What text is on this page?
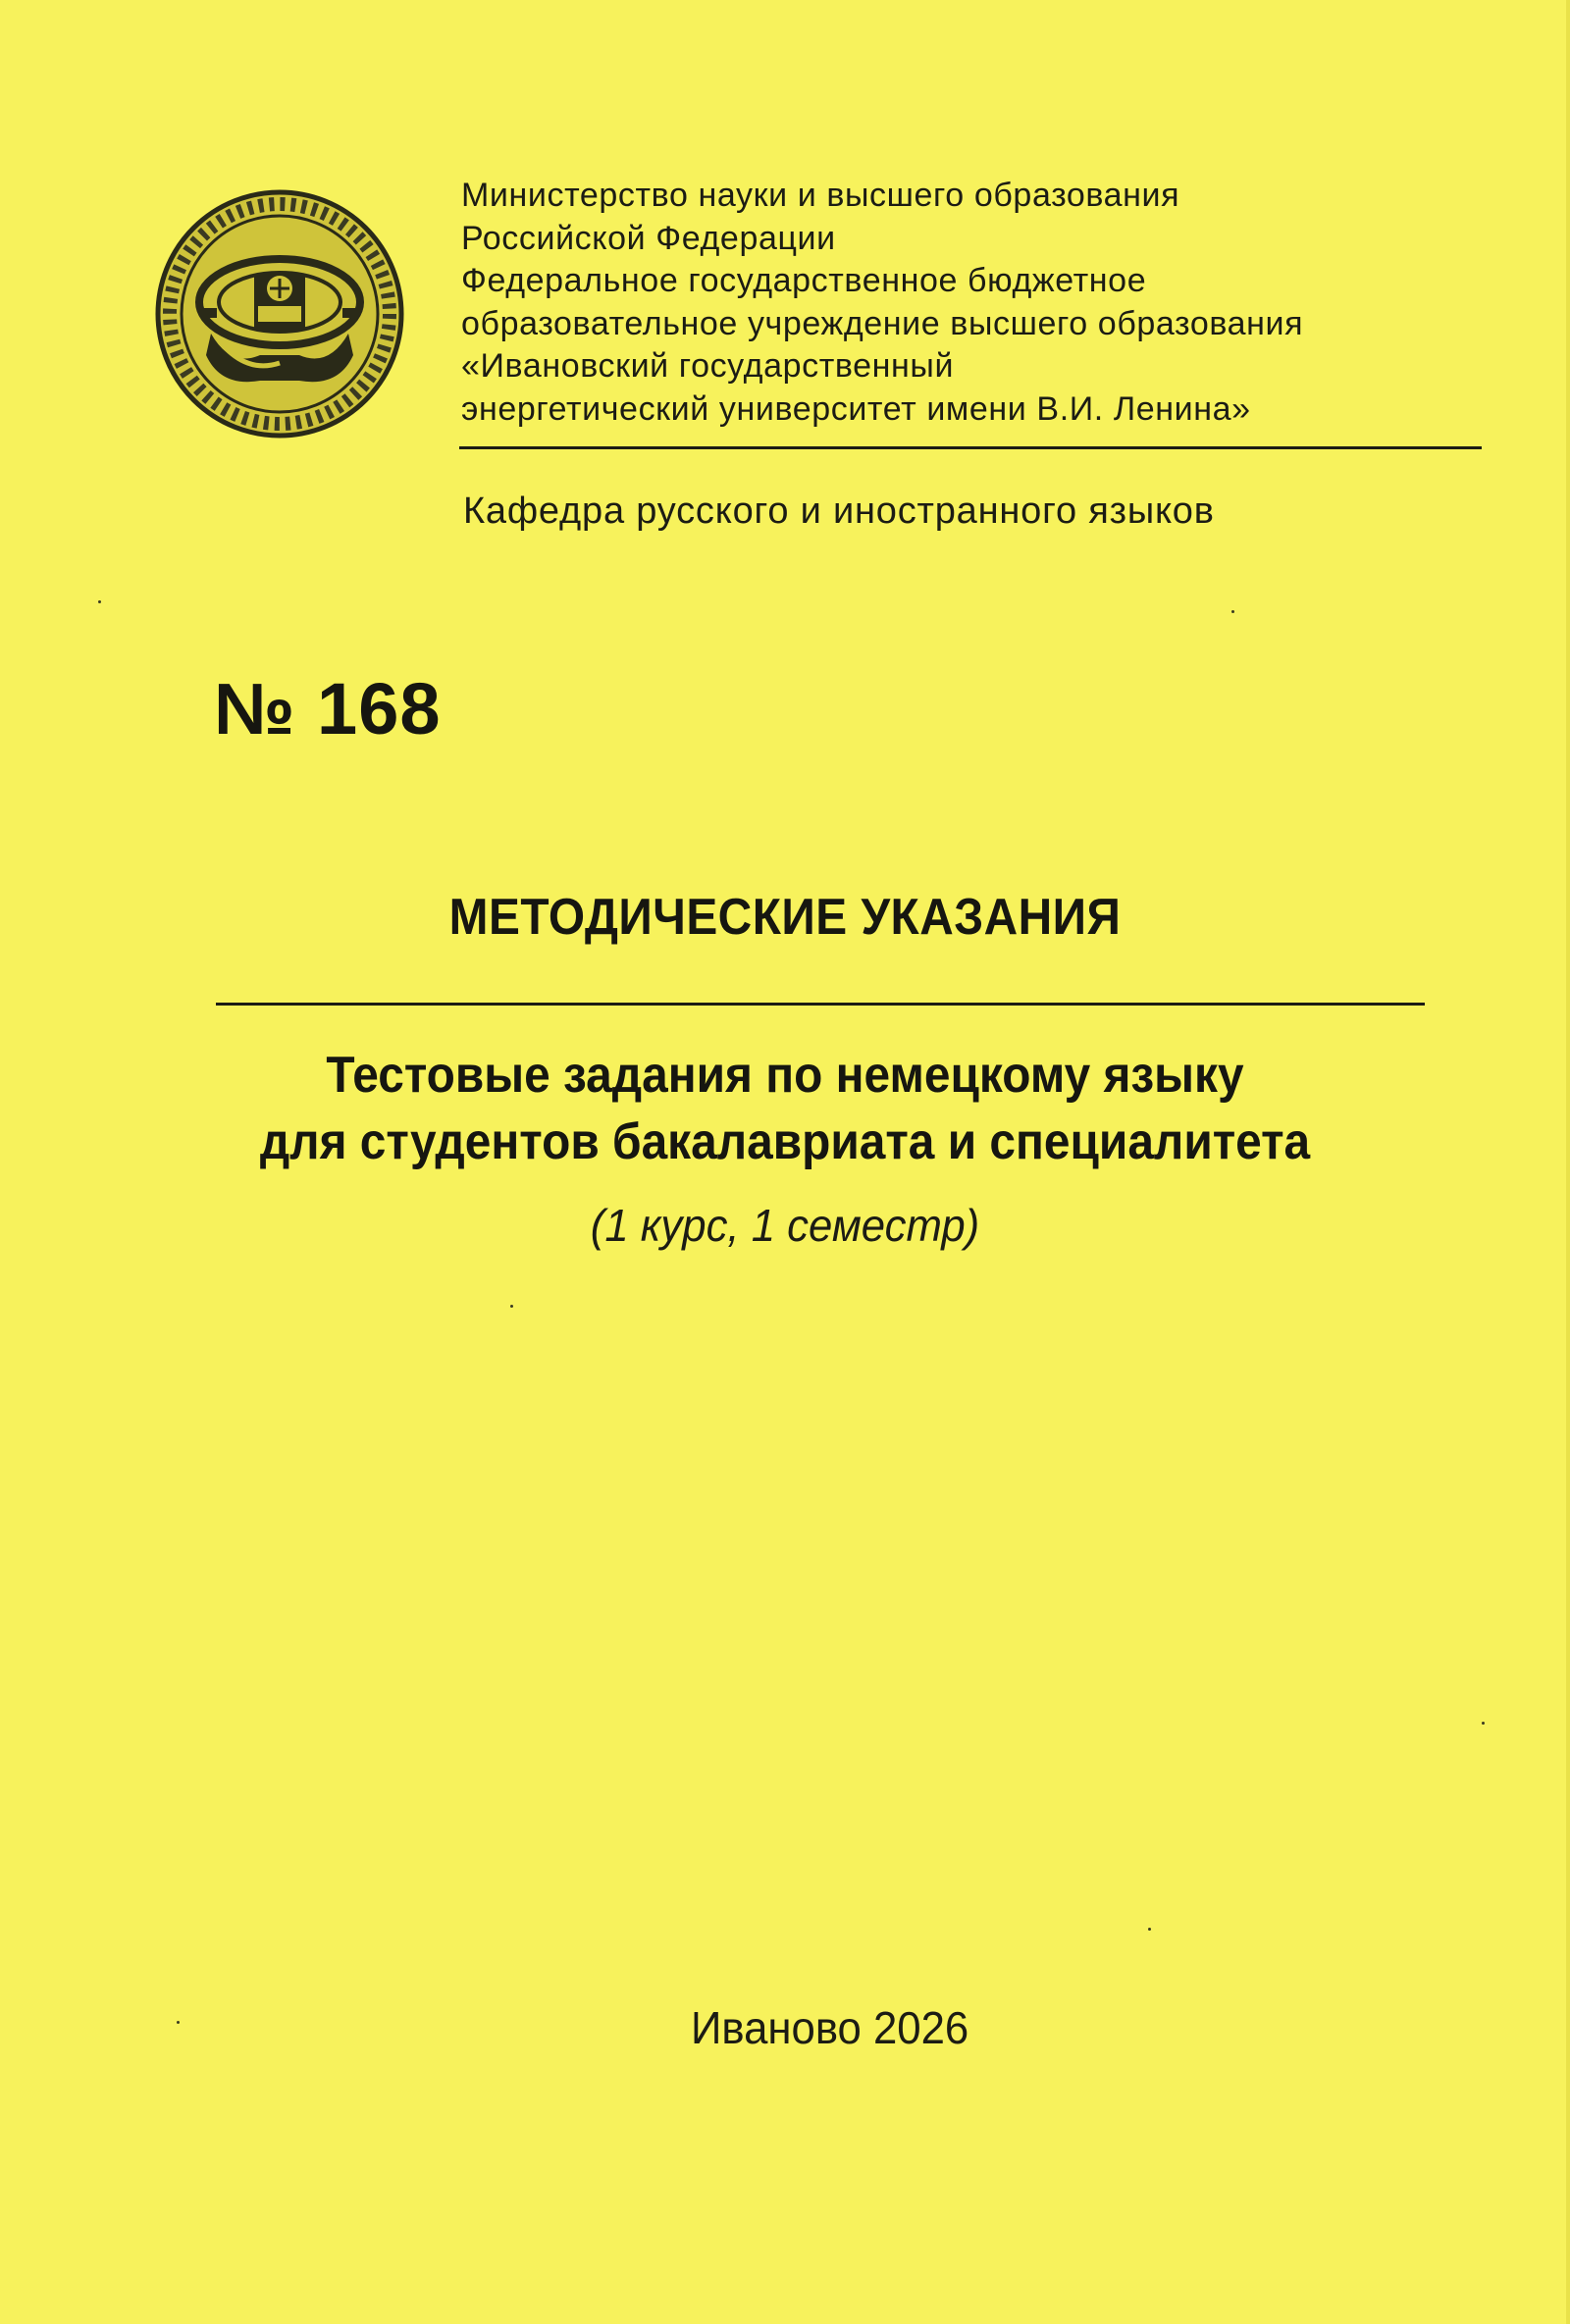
Министерство науки и высшего образования
Российской Федерации
Федеральное государственное бюджетное
образовательное учреждение высшего образования
«Ивановский государственный
энергетический университет имени В.И. Ленина»
Кафедра русского и иностранного языков
№ 168
МЕТОДИЧЕСКИЕ УКАЗАНИЯ
Тестовые задания по немецкому языку
для студентов бакалавриата и специалитета
(1 курс, 1 семестр)
Иваново 2026
